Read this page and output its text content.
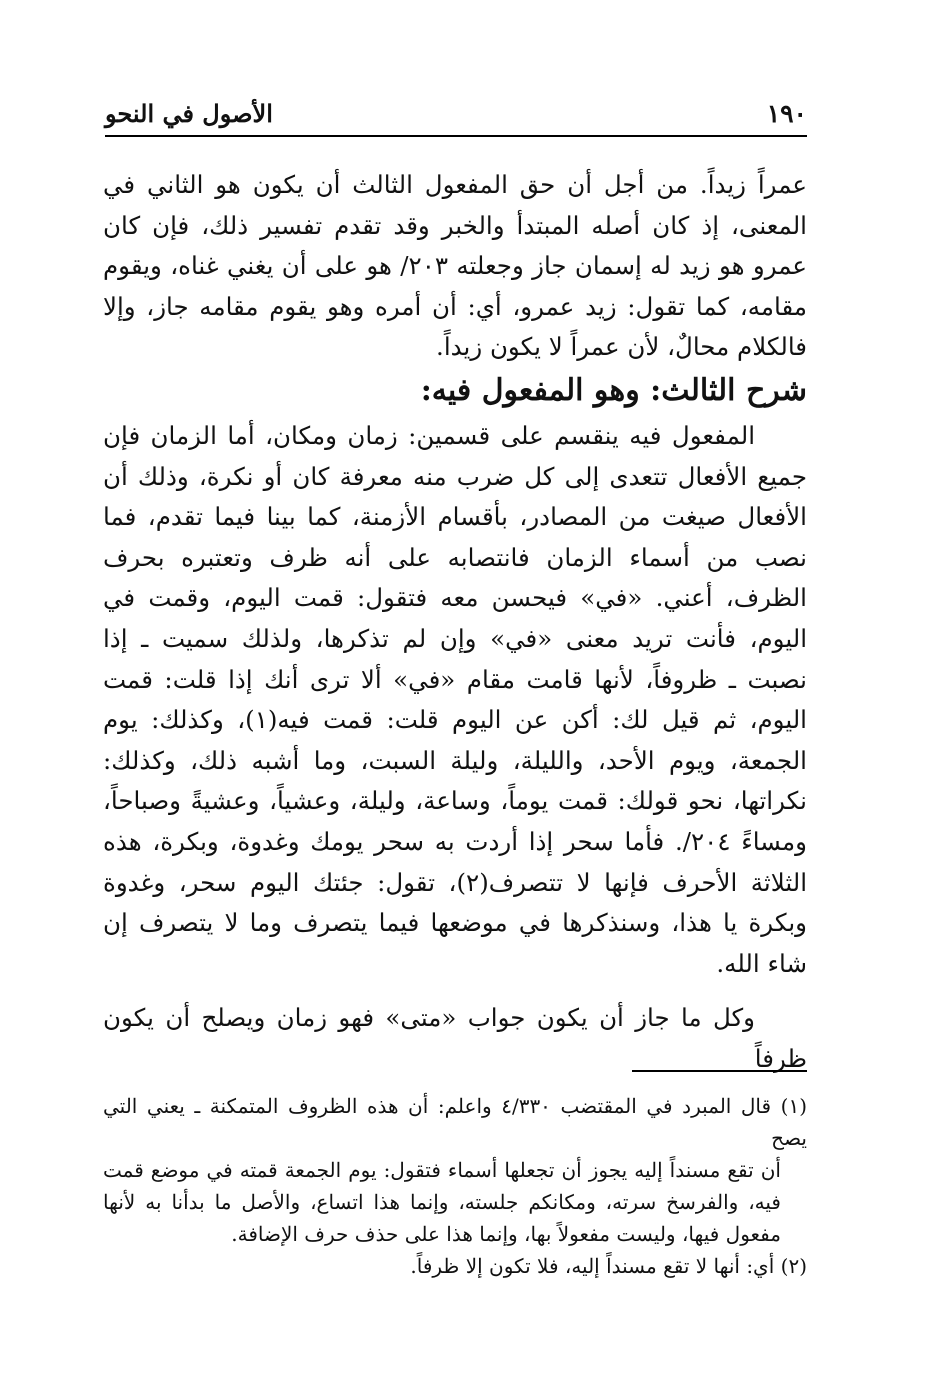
١٩٠
الأصول في النحو

عمراً زيداً. من أجل أن حق المفعول الثالث أن يكون هو الثاني في المعنى، إذ كان أصله المبتدأ والخبر وقد تقدم تفسير ذلك، فإن كان عمرو هو زيد له إسمان جاز وجعلته ٢٠٣/ هو على أن يغني غناه، ويقوم مقامه، كما تقول: زيد عمرو، أي: أن أمره وهو يقوم مقامه جاز، وإلا فالكلام محالٌ، لأن عمراً لا يكون زيداً.

شرح الثالث: وهو المفعول فيه:

المفعول فيه ينقسم على قسمين: زمان ومكان، أما الزمان فإن جميع الأفعال تتعدى إلى كل ضرب منه معرفة كان أو نكرة، وذلك أن الأفعال صيغت من المصادر، بأقسام الأزمنة، كما بينا فيما تقدم، فما نصب من أسماء الزمان فانتصابه على أنه ظرف وتعتبره بحرف الظرف، أعني. «في» فيحسن معه فتقول: قمت اليوم، وقمت في اليوم، فأنت تريد معنى «في» وإن لم تذكرها، ولذلك سميت ـ إذا نصبت ـ ظروفاً، لأنها قامت مقام «في» ألا ترى أنك إذا قلت: قمت اليوم، ثم قيل لك: أكن عن اليوم قلت: قمت فيه(١)، وكذلك: يوم الجمعة، ويوم الأحد، والليلة، وليلة السبت، وما أشبه ذلك، وكذلك: نكراتها، نحو قولك: قمت يوماً، وساعة، وليلة، وعشياً، وعشيةً وصباحاً، ومساءً ٢٠٤/. فأما سحر إذا أردت به سحر يومك وغدوة، وبكرة، هذه الثلاثة الأحرف فإنها لا تتصرف(٢)، تقول: جئتك اليوم سحر، وغدوة وبكرة يا هذا، وسنذكرها في موضعها فيما يتصرف وما لا يتصرف إن شاء الله.

وكل ما جاز أن يكون جواب «متى» فهو زمان ويصلح أن يكون ظرفاً

(١) قال المبرد في المقتضب ٤/٣٣٠ واعلم: أن هذه الظروف المتمكنة ـ يعني التي يصح

أن تقع مسنداً إليه يجوز أن تجعلها أسماء فتقول: يوم الجمعة قمته في موضع قمت فيه، والفرسخ سرته، ومكانكم جلسته، وإنما هذا اتساع، والأصل ما بدأنا به لأنها مفعول فيها، وليست مفعولاً بها، وإنما هذا على حذف حرف الإضافة.

(٢) أي: أنها لا تقع مسنداً إليه، فلا تكون إلا ظرفاً.
